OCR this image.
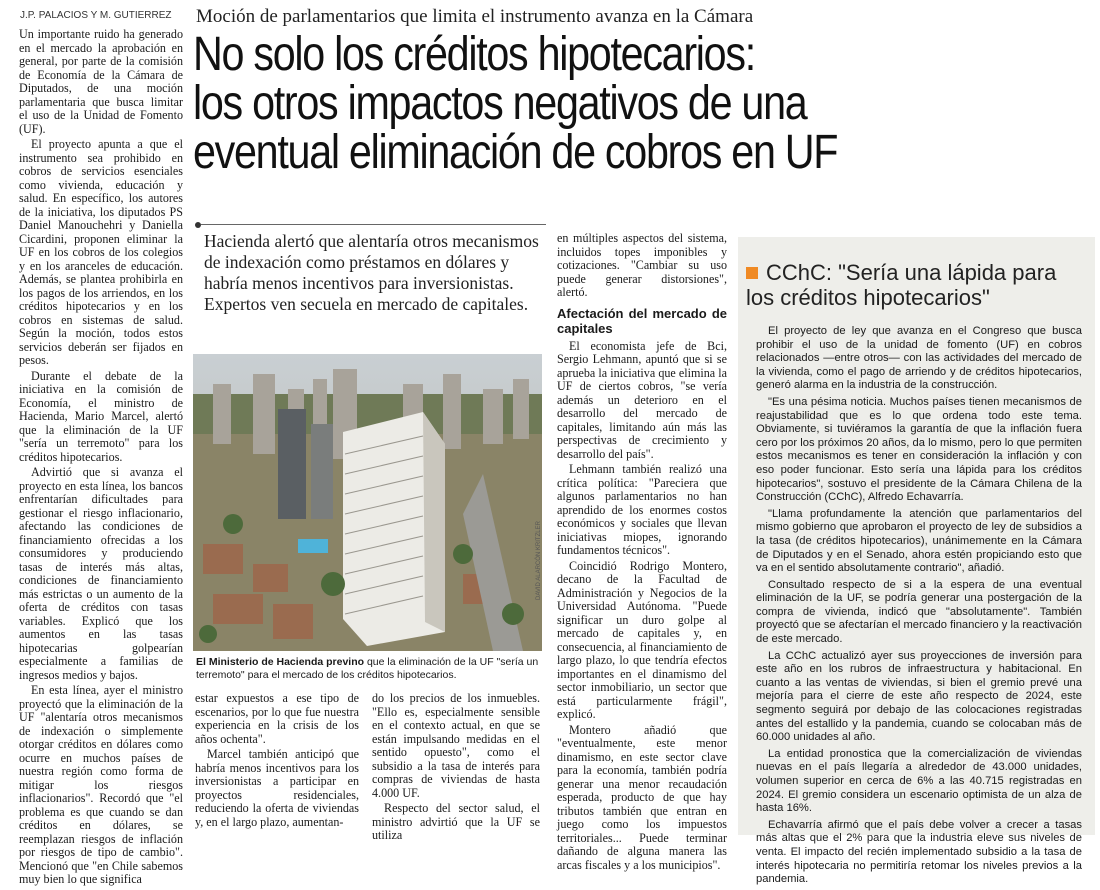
J.P. PALACIOS Y M. GUTIERREZ Moción de parlamentarios que limita el instrumento avanza en la Cámara
No solo los créditos hipotecarios:
los otros impactos negativos de una
eventual eliminación de cobros en UF

Un importante ruido ha generado en el mercado la aprobación en general, por parte de la comisión de Economía de la Cámara de Diputados, de una moción parlamentaria que busca limitar el uso de la Unidad de Fomento (UF).

El proyecto apunta a que el instrumento sea prohibido en cobros de servicios esenciales como vivienda, educación y salud. En específico, los autores de la iniciativa, los diputados PS Daniel Manouchehri y Daniella Cicardini, proponen eliminar la UF en los cobros de los colegios y en los aranceles de educación. Además, se plantea prohibirla en los pagos de los arriendos, en los créditos hipotecarios y en los cobros en sistemas de salud. Según la moción, todos estos servicios deberán ser fijados en pesos.

Durante el debate de la iniciativa en la comisión de Economía, el ministro de Hacienda, Mario Marcel, alertó que la eliminación de la UF "sería un terremoto" para los créditos hipotecarios.

Advirtió que si avanza el proyecto en esta línea, los bancos enfrentarían dificultades para gestionar el riesgo inflacionario, afectando las condiciones de financiamiento ofrecidas a los consumidores y produciendo tasas de interés más altas, condiciones de financiamiento más estrictas o un aumento de la oferta de créditos con tasas variables. Explicó que los aumentos en las tasas hipotecarias golpearían especialmente a familias de ingresos medios y bajos.

En esta línea, ayer el ministro proyectó que la eliminación de la UF "alentaría otros mecanismos de indexación o simplemente otorgar créditos en dólares como ocurre en muchos países de nuestra región como forma de mitigar los riesgos inflacionarios". Recordó que "el problema es que cuando se dan créditos en dólares, se reemplazan riesgos de inflación por riesgos de tipo de cambio". Mencionó que "en Chile sabemos muy bien lo que significa

Hacienda alertó que alentaría otros mecanismos de indexación como préstamos en dólares y habría menos incentivos para inversionistas. Expertos ven secuela en mercado de capitales.
DAVID ALARCÓN KRITZLER
El Ministerio de Hacienda previno que la eliminación de la UF "sería un terremoto" para el mercado de los créditos hipotecarios.

estar expuestos a ese tipo de escenarios, por lo que fue nuestra experiencia en la crisis de los años ochenta".

Marcel también anticipó que habría menos incentivos para los inversionistas a participar en proyectos residenciales, reduciendo la oferta de viviendas y, en el largo plazo, aumentan-

do los precios de los inmuebles. "Ello es, especialmente sensible en el contexto actual, en que se están impulsando medidas en el sentido opuesto", como el subsidio a la tasa de interés para compras de viviendas de hasta 4.000 UF.

Respecto del sector salud, el ministro advirtió que la UF se utiliza

en múltiples aspectos del sistema, incluidos topes imponibles y cotizaciones. "Cambiar su uso puede generar distorsiones", alertó.

Afectación del mercado de capitales

El economista jefe de Bci, Sergio Lehmann, apuntó que si se aprueba la iniciativa que elimina la UF de ciertos cobros, "se vería además un deterioro en el desarrollo del mercado de capitales, limitando aún más las perspectivas de crecimiento y desarrollo del país".

Lehmann también realizó una crítica política: "Pareciera que algunos parlamentarios no han aprendido de los enormes costos económicos y sociales que llevan iniciativas miopes, ignorando fundamentos técnicos".

Coincidió Rodrigo Montero, decano de la Facultad de Administración y Negocios de la Universidad Autónoma. "Puede significar un duro golpe al mercado de capitales y, en consecuencia, al financiamiento de largo plazo, lo que tendría efectos importantes en el dinamismo del sector inmobiliario, un sector que está particularmente frágil", explicó.

Montero añadió que "eventualmente, este menor dinamismo, en este sector clave para la economía, también podría generar una menor recaudación esperada, producto de que hay tributos también que entran en juego como los impuestos territoriales... Puede terminar dañando de alguna manera las arcas fiscales y a los municipios".

CChC: "Sería una lápida para los créditos hipotecarios"

El proyecto de ley que avanza en el Congreso que busca prohibir el uso de la unidad de fomento (UF) en cobros relacionados —entre otros— con las actividades del mercado de la vivienda, como el pago de arriendo y de créditos hipotecarios, generó alarma en la industria de la construcción.

"Es una pésima noticia. Muchos países tienen mecanismos de reajustabilidad que es lo que ordena todo este tema. Obviamente, si tuviéramos la garantía de que la inflación fuera cero por los próximos 20 años, da lo mismo, pero lo que permiten estos mecanismos es tener en consideración la inflación y con eso poder funcionar. Esto sería una lápida para los créditos hipotecarios", sostuvo el presidente de la Cámara Chilena de la Construcción (CChC), Alfredo Echavarría.

"Llama profundamente la atención que parlamentarios del mismo gobierno que aprobaron el proyecto de ley de subsidios a la tasa (de créditos hipotecarios), unánimemente en la Cámara de Diputados y en el Senado, ahora estén propiciando esto que va en el sentido absolutamente contrario", añadió.

Consultado respecto de si a la espera de una eventual eliminación de la UF, se podría generar una postergación de la compra de vivienda, indicó que "absolutamente". También proyectó que se afectarían el mercado financiero y la reactivación de este mercado.

La CChC actualizó ayer sus proyecciones de inversión para este año en los rubros de infraestructura y habitacional. En cuanto a las ventas de viviendas, si bien el gremio prevé una mejoría para el cierre de este año respecto de 2024, este segmento seguirá por debajo de las colocaciones registradas antes del estallido y la pandemia, cuando se colocaban más de 60.000 unidades al año.

La entidad pronostica que la comercialización de viviendas nuevas en el país llegaría a alrededor de 43.000 unidades, volumen superior en cerca de 6% a las 40.715 registradas en 2024. El gremio considera un escenario optimista de un alza de hasta 16%.

Echavarría afirmó que el país debe volver a crecer a tasas más altas que el 2% para que la industria eleve sus niveles de venta. El impacto del recién implementado subsidio a la tasa de interés hipotecaria no permitiría retomar los niveles previos a la pandemia.
